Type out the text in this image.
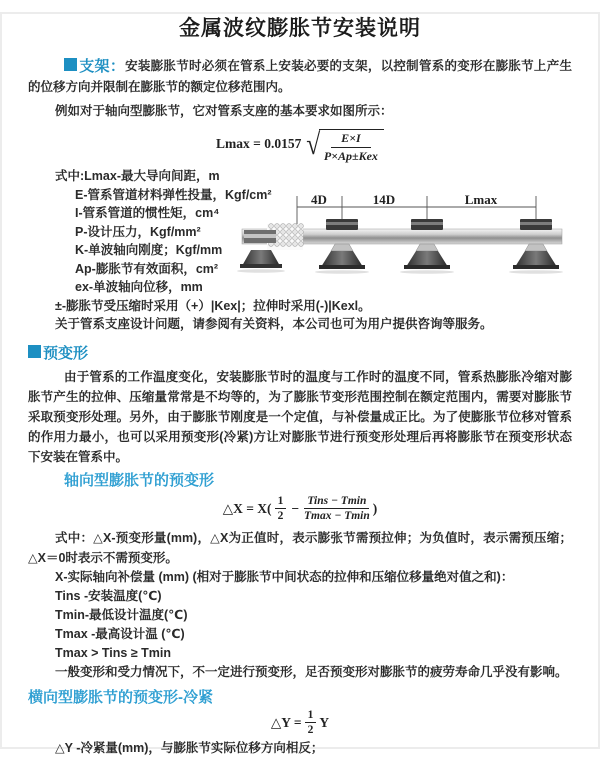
金属波纹膨胀节安装说明

支架：安装膨胀节时必须在管系上安装必要的支架，以控制管系的变形在膨胀节上产生的位移方向并限制在膨胀节的额定位移范围内。

例如对于轴向型膨胀节，它对管系支座的基本要求如图所示：

Lmax = 0.0157 √
$\frac{E\times I}{\text{P×Ap±Kex}}$
式中:Lmax-最大导向间距，m
E-管系管道材料弹性投量，Kgf/cm²
I-管系管道的惯性矩，cm⁴
P-设计压力，Kgf/mm²
K-单波轴向刚度；Kgf/mm
Ap-膨胀节有效面积，cm²
ex-单波轴向位移，mm
±-膨胀节受压缩时采用（+）|Kex|；拉伸时采用(-)|Kexl。
关于管系支座设计问题，请参阅有关资料，本公司也可为用户提供咨询等服务。
4D	14D	Lmax
预变形

由于管系的工作温度变化，安装膨胀节时的温度与工作时的温度不同，管系热膨胀冷缩对膨胀节产生的拉伸、压缩量常常是不均等的，为了膨胀节变形范围控制在额定范围内，需要对膨胀节采取预变形处理。另外，由于膨胀节刚度是一个定值，与补偿量成正比。为了使膨胀节位移对管系的作用力最小，也可以采用预变形(冷紧)方让对膨胀节进行预变形处理后再将膨胀节在预变形状态下安装在管系中。

轴向型膨胀节的预变形
△X = $X( \frac{1}{2} - \frac{\text{Tins − Tmin}}{Tmax - Tmin}$ )

式中：△X-预变形量(mm)，△X为正值时，表示膨张节需预拉伸；为负值时，表示需预压缩；△X＝0时表示不需预变形。

X-实际轴向补偿量 (mm) (相对于膨胀节中间状态的拉伸和压缩位移量绝对值之和)：
Tins -安装温度(℃)
Tmin-最低设计温度(℃)
Tmax -最高设计温 (℃)
Tmax > Tins ≥ Tmin
一般变形和受力情况下，不一定进行预变形，足否预变形对膨胀节的疲劳寿命几乎没有影响。
横向型膨胀节的预变形-冷紧
△Y = $\frac{1}{2}$ Y
△Y -冷紧量(mm)，与膨胀节实际位移方向相反；
